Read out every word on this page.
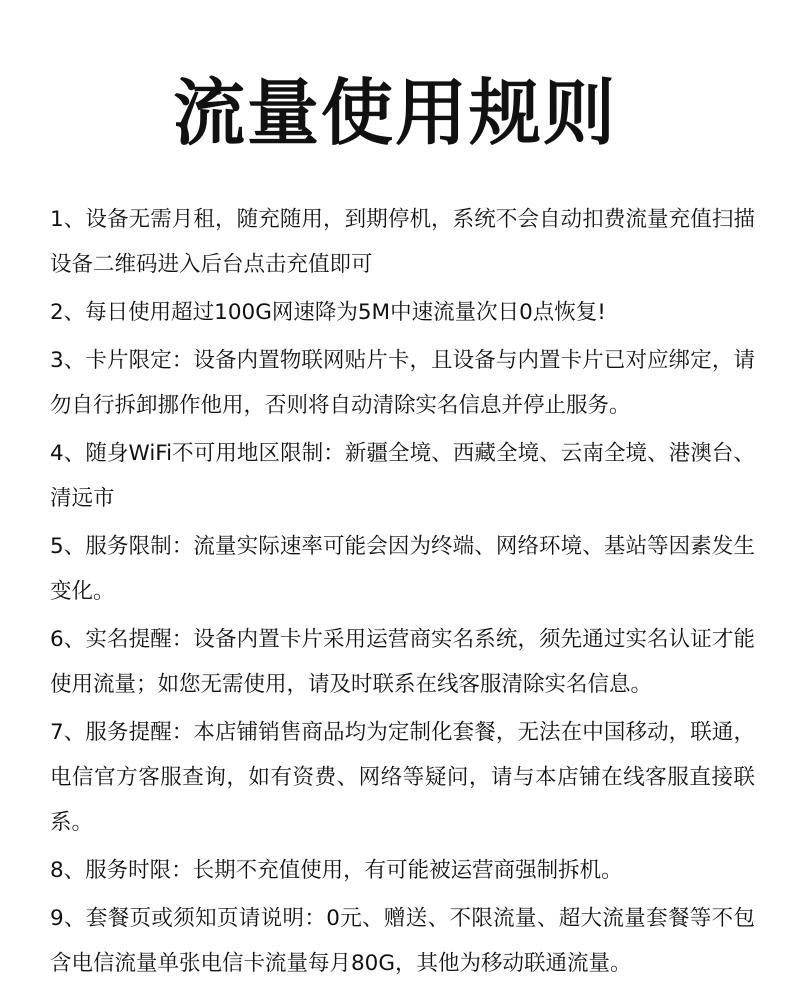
流量使用规则
1、设备无需月租，随充随用，到期停机，系统不会自动扣费流量充值扫描设备二维码进入后台点击充值即可
2、每日使用超过100G网速降为5M中速流量次日0点恢复!
3、卡片限定：设备内置物联网贴片卡，且设备与内置卡片已对应绑定，请勿自行拆卸挪作他用，否则将自动清除实名信息并停止服务。
4、随身WiFi不可用地区限制：新疆全境、西藏全境、云南全境、港澳台、清远市
5、服务限制：流量实际速率可能会因为终端、网络环境、基站等因素发生变化。
6、实名提醒：设备内置卡片采用运营商实名系统，须先通过实名认证才能使用流量；如您无需使用，请及时联系在线客服清除实名信息。
7、服务提醒：本店铺销售商品均为定制化套餐，无法在中国移动，联通，电信官方客服查询，如有资费、网络等疑问，请与本店铺在线客服直接联系。
8、服务时限：长期不充值使用，有可能被运营商强制拆机。
9、套餐页或须知页请说明：0元、赠送、不限流量、超大流量套餐等不包含电信流量单张电信卡流量每月80G，其他为移动联通流量。
